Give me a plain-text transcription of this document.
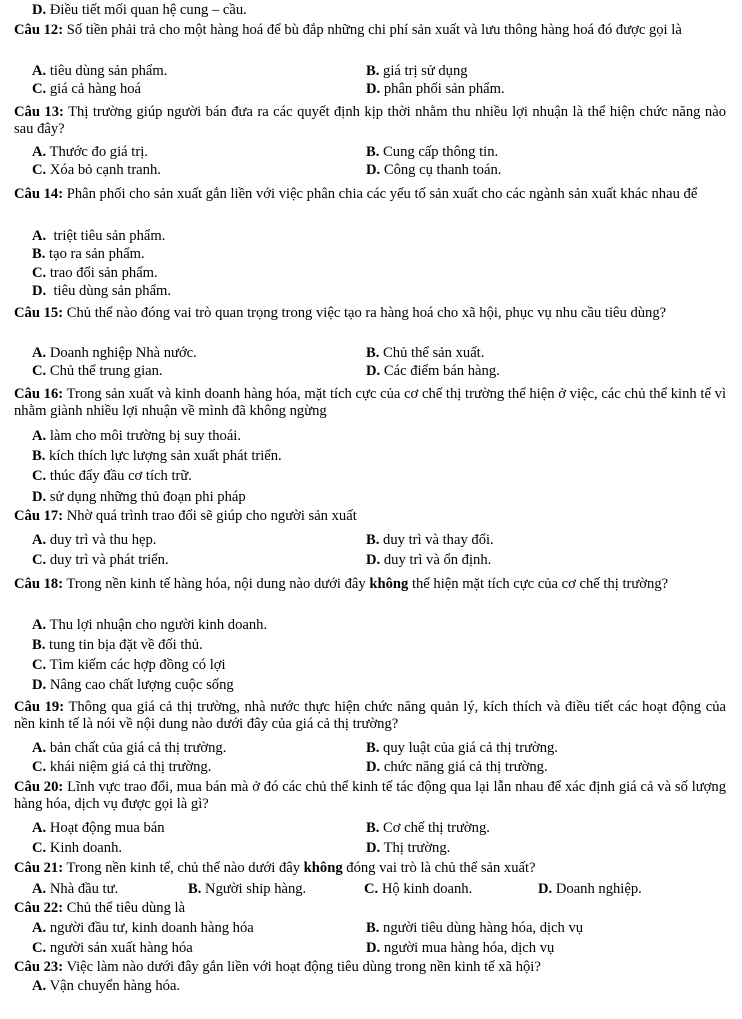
D. Điều tiết mối quan hệ cung – cầu.
Câu 12: Số tiền phải trả cho một hàng hoá để bù đắp những chi phí sản xuất và lưu thông hàng hoá đó được gọi là
A. tiêu dùng sản phẩm.	B. giá trị sử dụng
C. giá cả hàng hoá	D. phân phối sản phẩm.
Câu 13: Thị trường giúp người bán đưa ra các quyết định kịp thời nhằm thu nhiều lợi nhuận là thể hiện chức năng nào sau đây?
A. Thước đo giá trị.	B. Cung cấp thông tin.
C. Xóa bỏ cạnh tranh.	D. Công cụ thanh toán.
Câu 14: Phân phối cho sản xuất gắn liền với việc phân chia các yếu tố sản xuất cho các ngành sản xuất khác nhau để
A. triệt tiêu sản phẩm.
B. tạo ra sản phẩm.
C. trao đổi sản phẩm.
D. tiêu dùng sản phẩm.
Câu 15: Chủ thể nào đóng vai trò quan trọng trong việc tạo ra hàng hoá cho xã hội, phục vụ nhu cầu tiêu dùng?
A. Doanh nghiệp Nhà nước.	B. Chủ thể sản xuất.
C. Chủ thể trung gian.	D. Các điểm bán hàng.
Câu 16: Trong sản xuất và kinh doanh hàng hóa, mặt tích cực của cơ chế thị trường thể hiện ở việc, các chủ thể kinh tế vì nhằm giành nhiều lợi nhuận về mình đã không ngừng
A. làm cho môi trường bị suy thoái.
B. kích thích lực lượng sản xuất phát triển.
C. thúc đẩy đầu cơ tích trữ.
D. sử dụng những thủ đoạn phi pháp
Câu 17: Nhờ quá trình trao đổi sẽ giúp cho người sản xuất
A. duy trì và thu hẹp.	B. duy trì và thay đổi.
C. duy trì và phát triển.	D. duy trì và ổn định.
Câu 18: Trong nền kinh tế hàng hóa, nội dung nào dưới đây không thể hiện mặt tích cực của cơ chế thị trường?
A. Thu lợi nhuận cho người kinh doanh.
B. tung tin bịa đặt về đối thủ.
C. Tìm kiếm các hợp đồng có lợi
D. Nâng cao chất lượng cuộc sống
Câu 19: Thông qua giá cả thị trường, nhà nước thực hiện chức năng quản lý, kích thích và điều tiết các hoạt động của nền kinh tế là nói về nội dung nào dưới đây của giá cả thị trường?
A. bản chất của giá cả thị trường.	B. quy luật của giá cả thị trường.
C. khái niệm giá cả thị trường.	D. chức năng giá cả thị trường.
Câu 20: Lĩnh vực trao đổi, mua bán mà ở đó các chủ thể kinh tế tác động qua lại lẫn nhau để xác định giá cả và số lượng hàng hóa, dịch vụ được gọi là gì?
A. Hoạt động mua bán	B. Cơ chế thị trường.
C. Kinh doanh.	D. Thị trường.
Câu 21: Trong nền kinh tế, chủ thể nào dưới đây không đóng vai trò là chủ thể sản xuất?
A. Nhà đầu tư.	B. Người ship hàng.	C. Hộ kinh doanh.	D. Doanh nghiệp.
Câu 22: Chủ thể tiêu dùng là
A. người đầu tư, kinh doanh hàng hóa	B. người tiêu dùng hàng hóa, dịch vụ
C. người sản xuất hàng hóa	D. người mua hàng hóa, dịch vụ
Câu 23: Việc làm nào dưới đây gắn liền với hoạt động tiêu dùng trong nền kinh tế xã hội?
A. Vận chuyển hàng hóa.
